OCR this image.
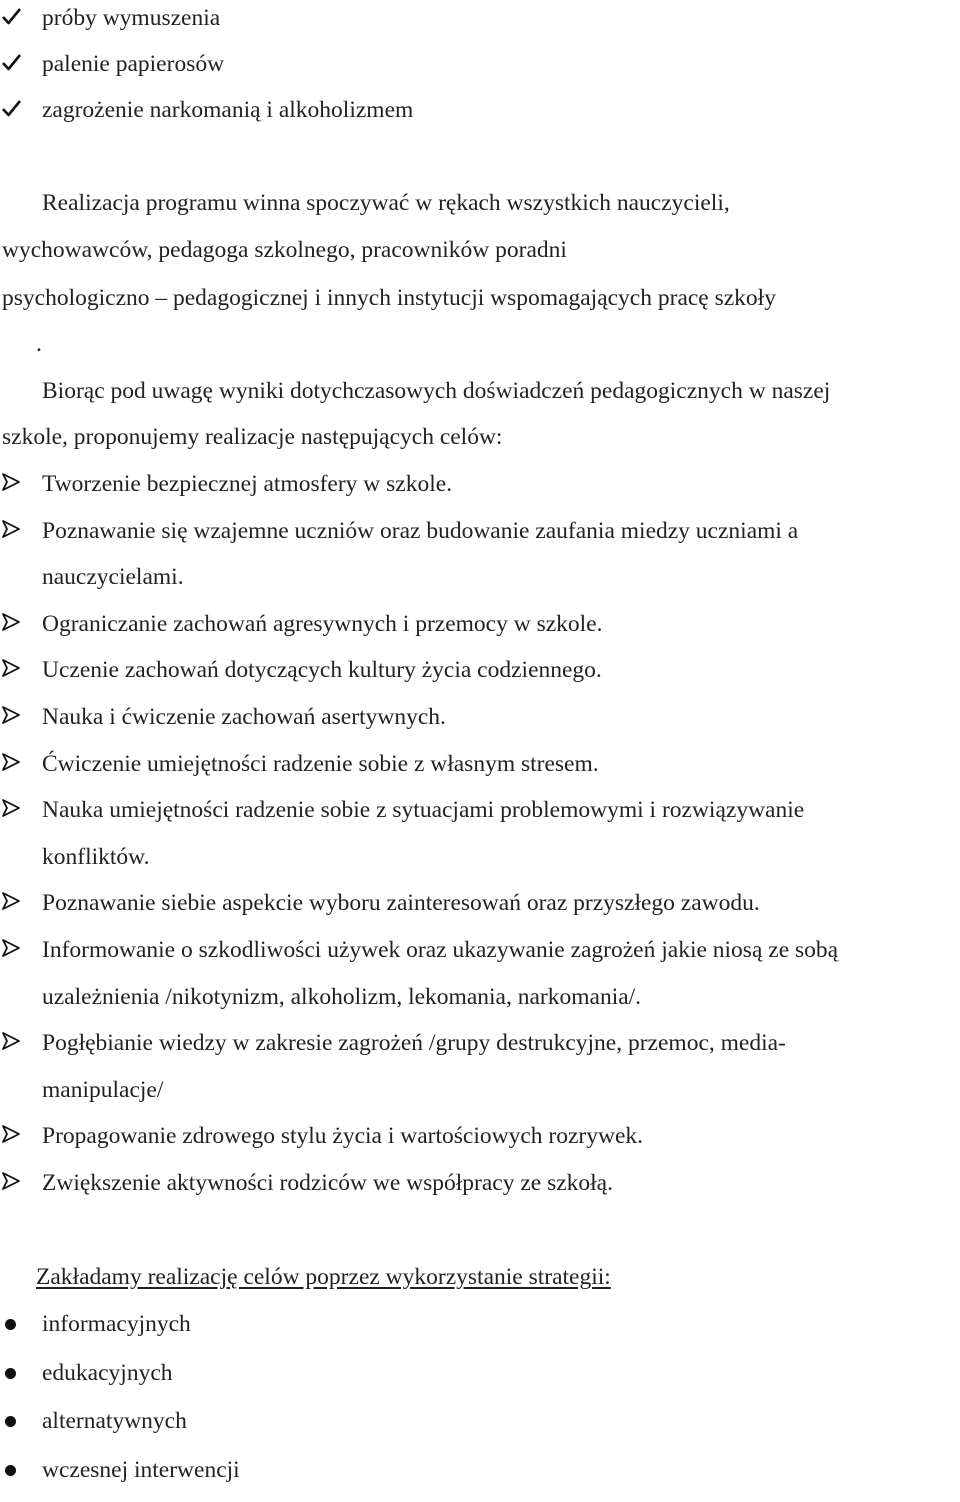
próby wymuszenia
palenie papierosów
zagrożenie narkomanią i alkoholizmem
Realizacja programu winna spoczywać w rękach wszystkich nauczycieli,
wychowawców, pedagoga szkolnego, pracowników poradni
psychologiczno – pedagogicznej i innych instytucji wspomagających pracę szkoły
.
Biorąc pod uwagę wyniki dotychczasowych doświadczeń pedagogicznych w naszej
szkole, proponujemy realizacje następujących celów:
Tworzenie bezpiecznej atmosfery w szkole.
Poznawanie się wzajemne uczniów oraz budowanie zaufania miedzy uczniami a
nauczycielami.
Ograniczanie zachowań agresywnych i przemocy w szkole.
Uczenie zachowań dotyczących kultury życia codziennego.
Nauka i ćwiczenie zachowań asertywnych.
Ćwiczenie umiejętności radzenie sobie z własnym stresem.
Nauka umiejętności radzenie sobie z sytuacjami problemowymi i rozwiązywanie
konfliktów.
Poznawanie siebie aspekcie wyboru zainteresowań oraz przyszłego zawodu.
Informowanie o szkodliwości używek oraz ukazywanie zagrożeń jakie niosą ze sobą
uzależnienia /nikotynizm, alkoholizm, lekomania, narkomania/.
Pogłębianie wiedzy w zakresie zagrożeń /grupy destrukcyjne, przemoc, media-
manipulacje/
Propagowanie zdrowego stylu życia i wartościowych rozrywek.
Zwiększenie aktywności rodziców we współpracy ze szkołą.
Zakładamy realizację celów poprzez wykorzystanie strategii:
informacyjnych
edukacyjnych
alternatywnych
wczesnej interwencji
